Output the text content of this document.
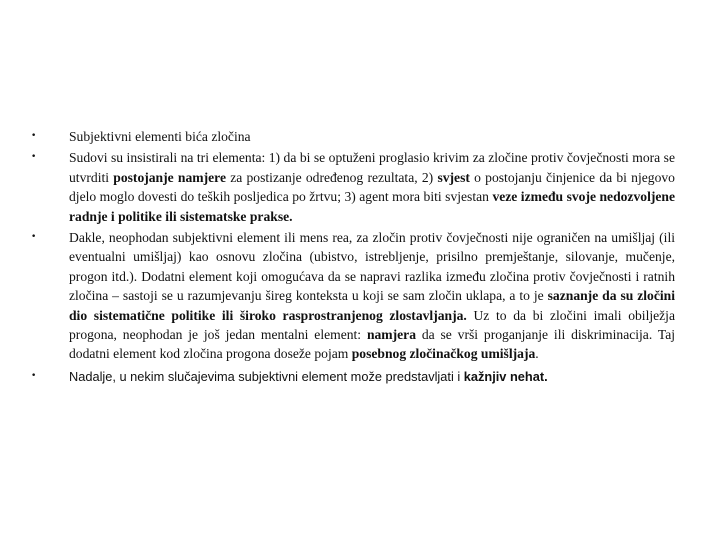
• Subjektivni elementi bića zločina
• Sudovi su insistirali na tri elementa: 1) da bi se optuženi proglasio krivim za zločine protiv čovječnosti mora se utvrditi postojanje namjere za postizanje određenog rezultata, 2) svjest o postojanju činjenice da bi njegovo djelo moglo dovesti do teških posljedica po žrtvu; 3) agent mora biti svjestan veze između svoje nedozvoljene radnje i politike ili sistematske prakse.
• Dakle, neophodan subjektivni element ili mens rea, za zločin protiv čovječnosti nije ograničen na umišljaj (ili eventualni umišljaj) kao osnovu zločina (ubistvo, istrebljenje, prisilno premještanje, silovanje, mučenje, progon itd.). Dodatni element koji omogućava da se napravi razlika između zločina protiv čovječnosti i ratnih zločina – sastoji se u razumjevanju šireg konteksta u koji se sam zločin uklapa, a to je saznanje da su zločini dio sistematične politike ili široko rasprostranjenog zlostavljanja. Uz to da bi zločini imali obilježja progona, neophodan je još jedan mentalni element: namjera da se vrši proganjanje ili diskriminacija. Taj dodatni element kod zločina progona doseže pojam posebnog zločinačkog umišljaja.
•	Nadalje, u nekim slučajevima subjektivni element može predstavljati i kažnjiv nehat.
